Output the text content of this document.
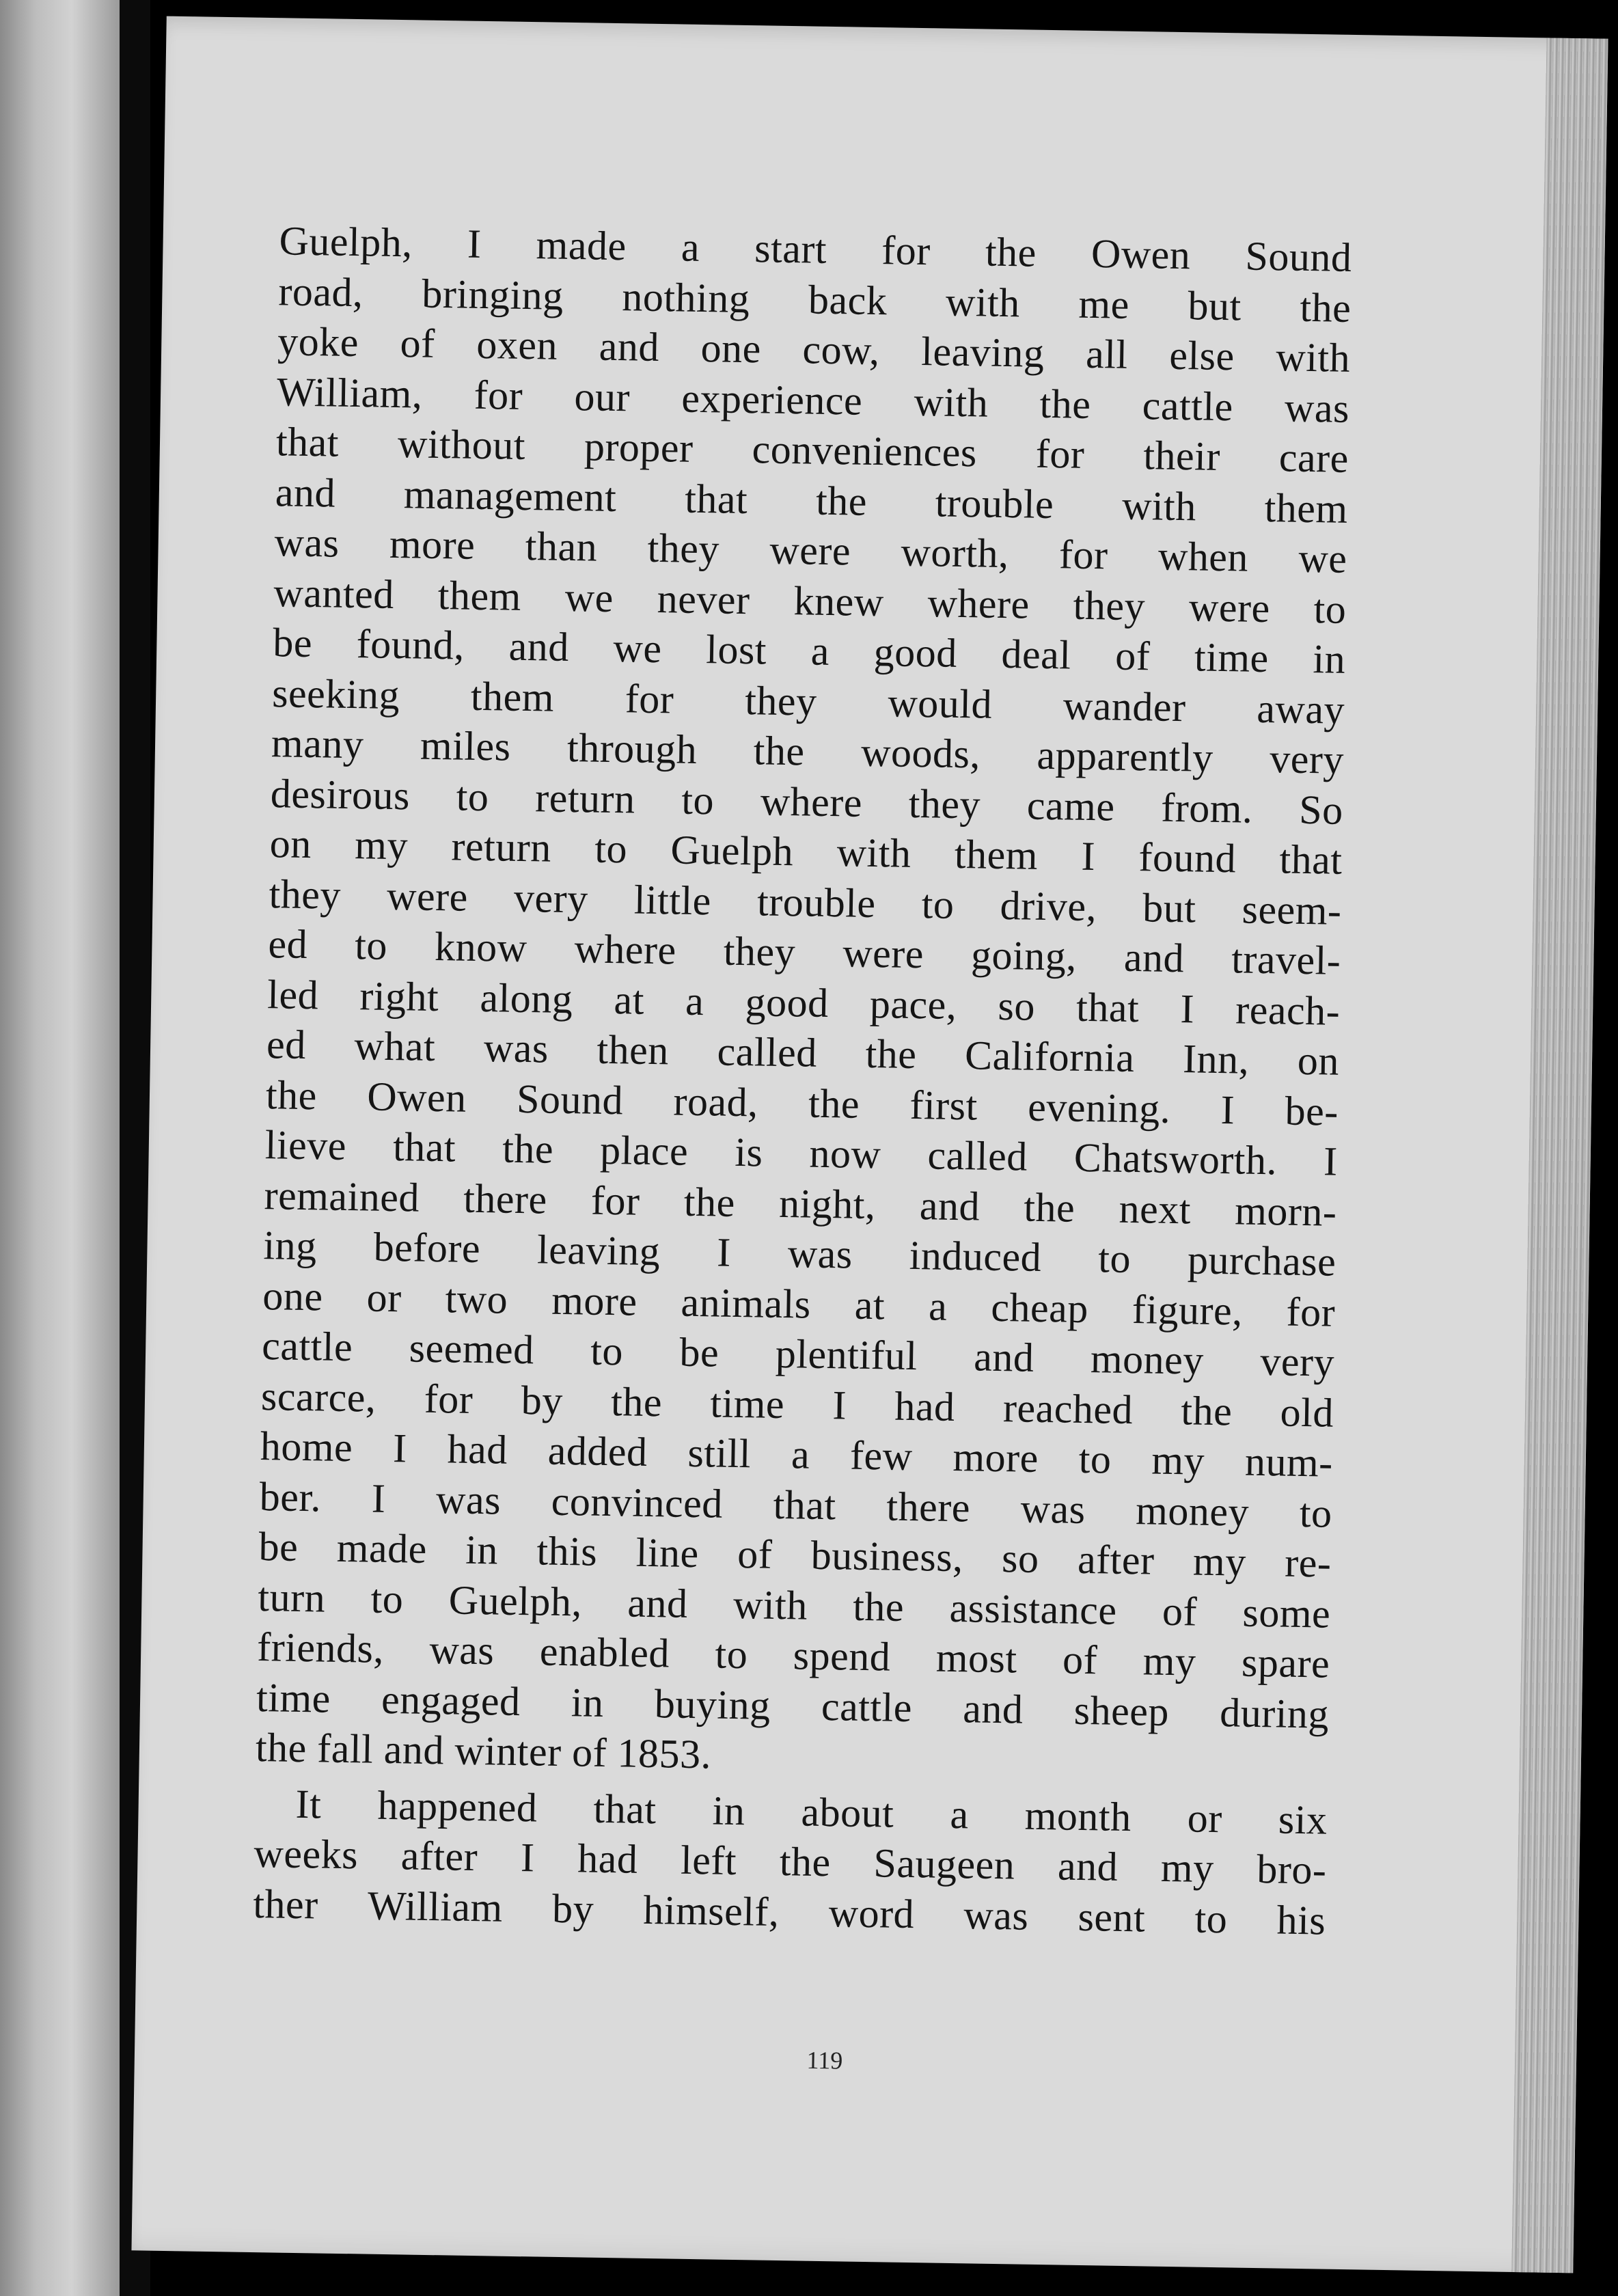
Guelph, I made a start for the Owen Sound
road, bringing nothing back with me but the
yoke of oxen and one cow, leaving all else with
William, for our experience with the cattle was
that without proper conveniences for their care
and management that the trouble with them
was more than they were worth, for when we
wanted them we never knew where they were to
be found, and we lost a good deal of time in
seeking them for they would wander away
many miles through the woods, apparently very
desirous to return to where they came from. So
on my return to Guelph with them I found that
they were very little trouble to drive, but seem-
ed to know where they were going, and travel-
led right along at a good pace, so that I reach-
ed what was then called the California Inn, on
the Owen Sound road, the first evening. I be-
lieve that the place is now called Chatsworth. I
remained there for the night, and the next morn-
ing before leaving I was induced to purchase
one or two more animals at a cheap figure, for
cattle seemed to be plentiful and money very
scarce, for by the time I had reached the old
home I had added still a few more to my num-
ber. I was convinced that there was money to
be made in this line of business, so after my re-
turn to Guelph, and with the assistance of some
friends, was enabled to spend most of my spare
time engaged in buying cattle and sheep during
the fall and winter of 1853.
It happened that in about a month or six
weeks after I had left the Saugeen and my bro-
ther William by himself, word was sent to his
119
